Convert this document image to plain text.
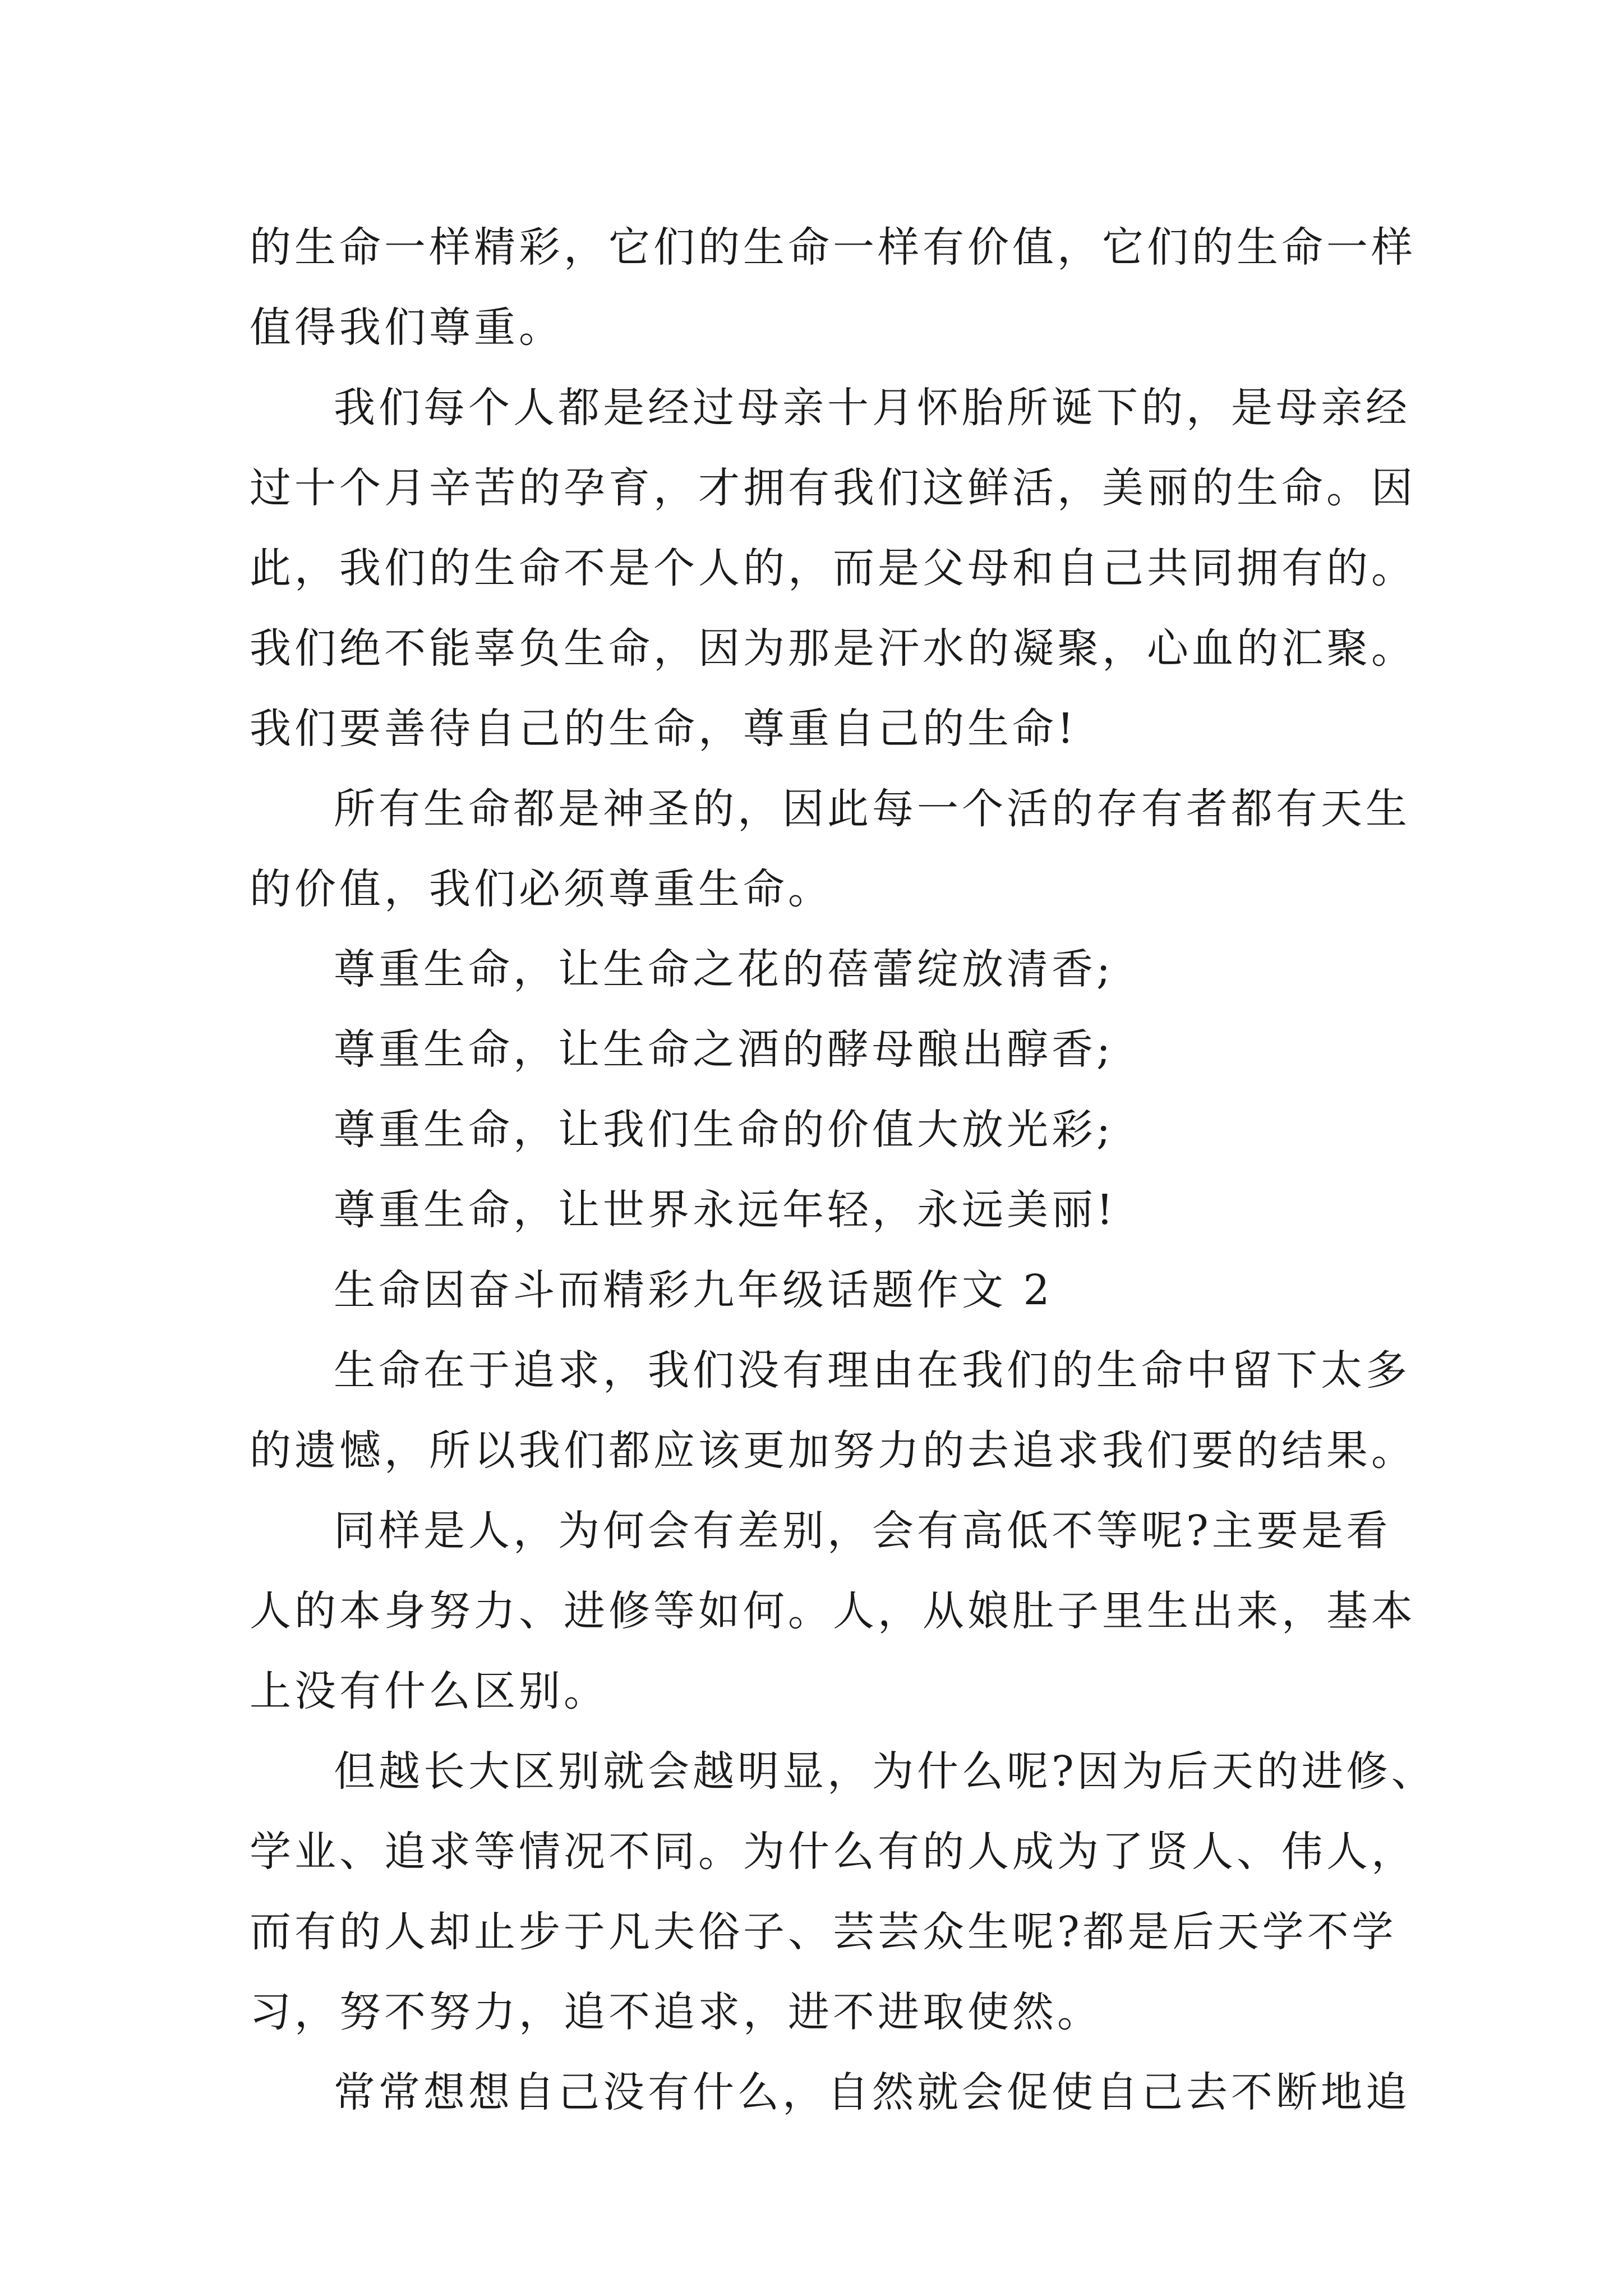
的生命一样精彩，它们的生命一样有价值，它们的生命一样
值得我们尊重。
我们每个人都是经过母亲十月怀胎所诞下的，是母亲经
过十个月辛苦的孕育，才拥有我们这鲜活，美丽的生命。因
此，我们的生命不是个人的，而是父母和自己共同拥有的。
我们绝不能辜负生命，因为那是汗水的凝聚，心血的汇聚。
我们要善待自己的生命，尊重自己的生命!
所有生命都是神圣的，因此每一个活的存有者都有天生
的价值，我们必须尊重生命。
尊重生命，让生命之花的蓓蕾绽放清香;
尊重生命，让生命之酒的酵母酿出醇香;
尊重生命，让我们生命的价值大放光彩;
尊重生命，让世界永远年轻，永远美丽!
生命因奋斗而精彩九年级话题作文 2
生命在于追求，我们没有理由在我们的生命中留下太多
的遗憾，所以我们都应该更加努力的去追求我们要的结果。
同样是人，为何会有差别，会有高低不等呢?主要是看
人的本身努力、进修等如何。人，从娘肚子里生出来，基本
上没有什么区别。
但越长大区别就会越明显，为什么呢?因为后天的进修、
学业、追求等情况不同。为什么有的人成为了贤人、伟人，
而有的人却止步于凡夫俗子、芸芸众生呢?都是后天学不学
习，努不努力，追不追求，进不进取使然。
常常想想自己没有什么，自然就会促使自己去不断地追
